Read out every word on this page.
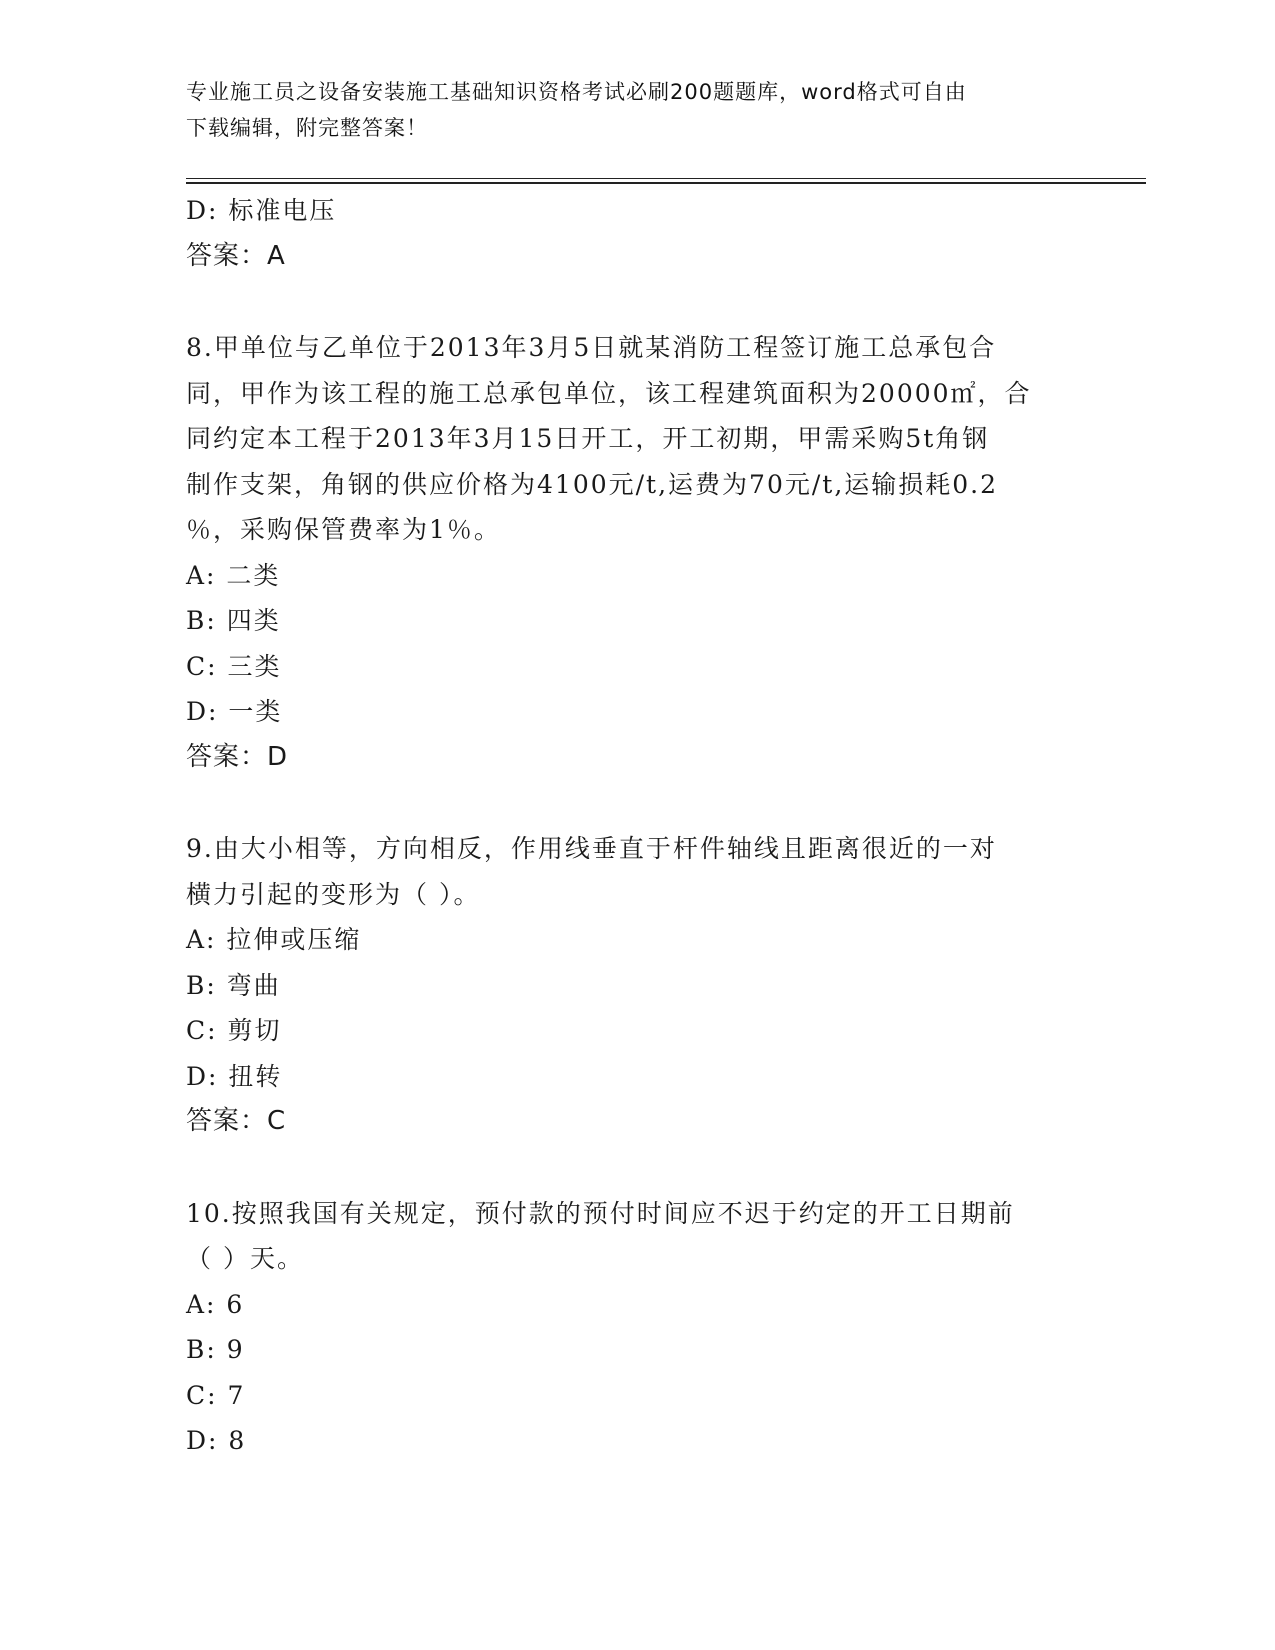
专业施工员之设备安装施工基础知识资格考试必刷200题题库，word格式可自由
下载编辑，附完整答案！
D: 标准电压
答案：A
8.甲单位与乙单位于2013年3月5日就某消防工程签订施工总承包合
同，甲作为该工程的施工总承包单位，该工程建筑面积为20000㎡，合
同约定本工程于2013年3月15日开工，开工初期，甲需采购5t角钢
制作支架，角钢的供应价格为4100元/t,运费为70元/t,运输损耗0.2
％，采购保管费率为1％。
A: 二类
B: 四类
C: 三类
D: 一类
答案：D
9.由大小相等，方向相反，作用线垂直于杆件轴线且距离很近的一对
横力引起的变形为（ ）。
A: 拉伸或压缩
B: 弯曲
C: 剪切
D: 扭转
答案：C
10.按照我国有关规定，预付款的预付时间应不迟于约定的开工日期前
（ ）天。
A: 6
B: 9
C: 7
D: 8
